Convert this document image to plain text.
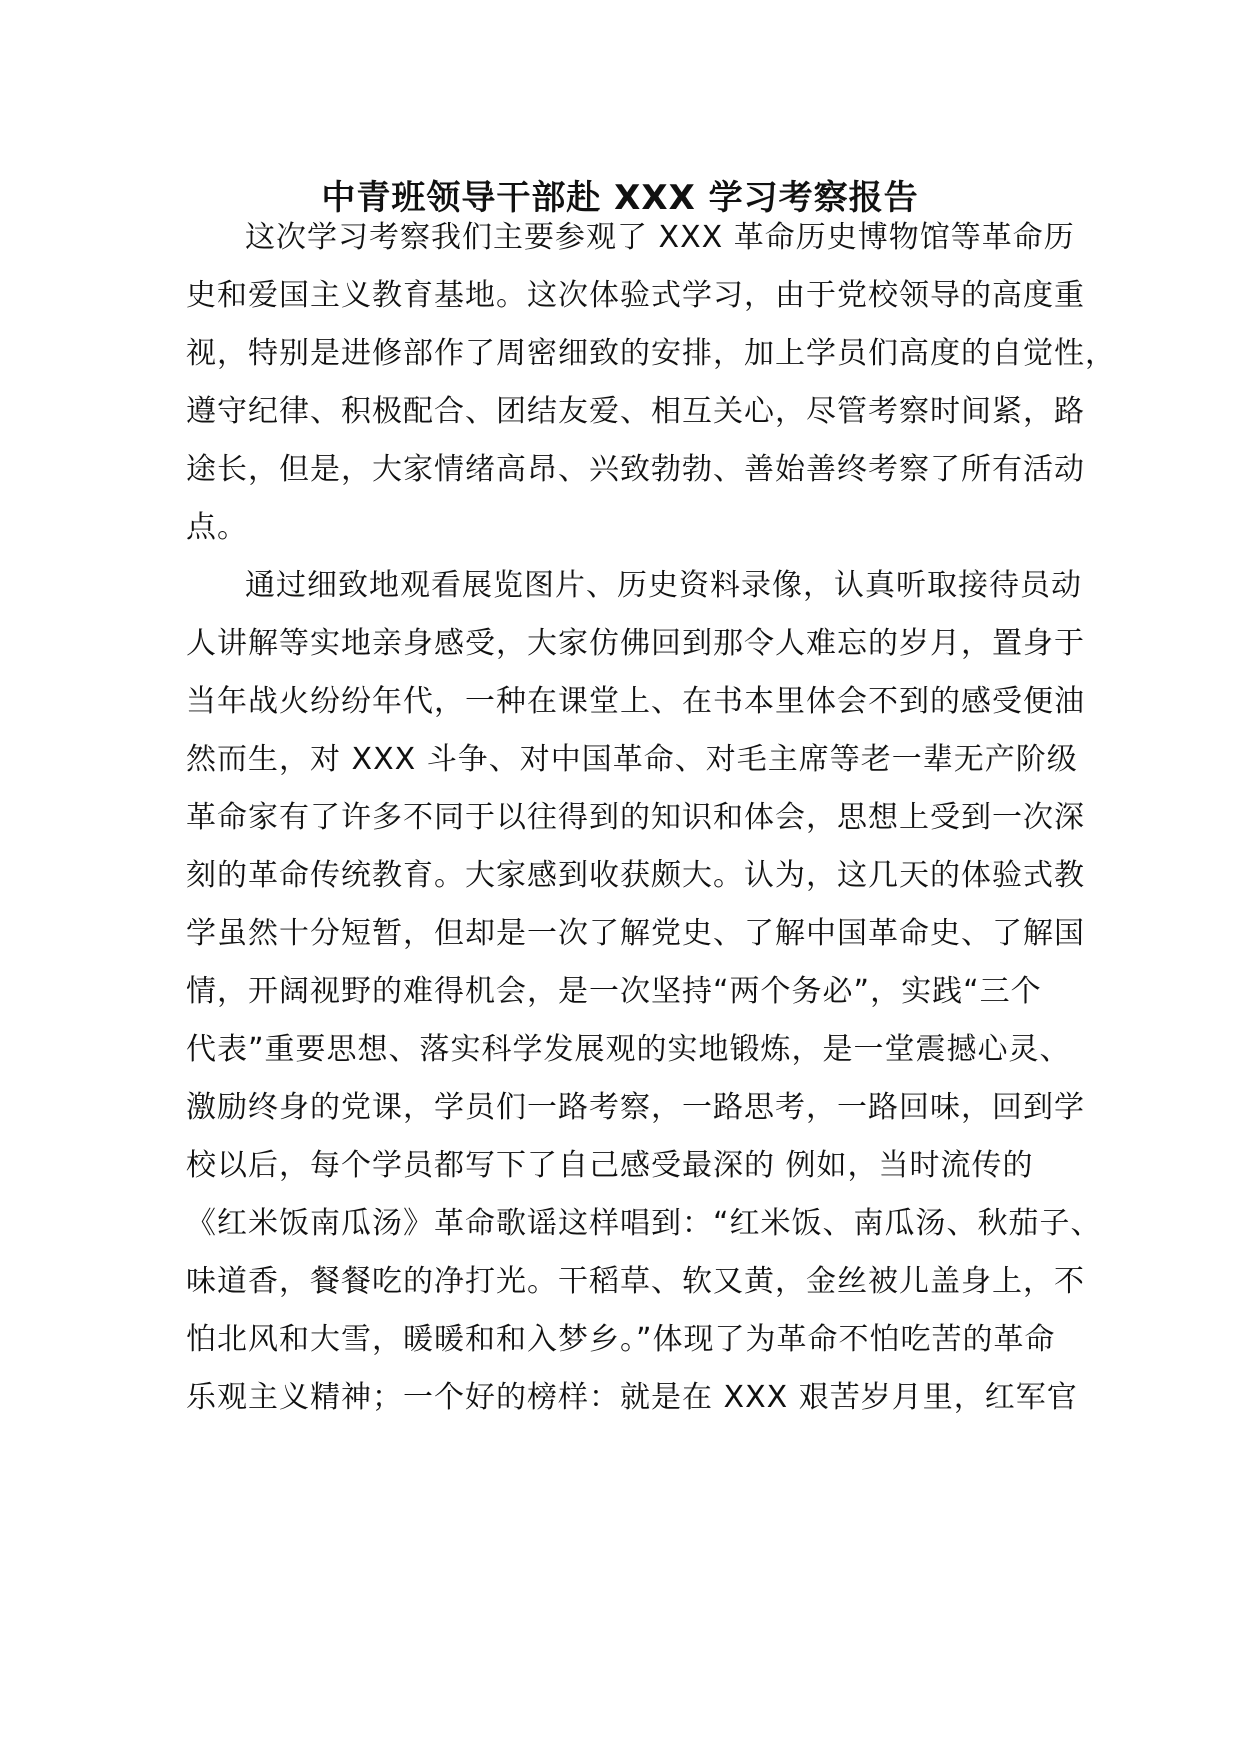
中青班领导干部赴 XXX 学习考察报告
这次学习考察我们主要参观了 XXX 革命历史博物馆等革命历
史和爱国主义教育基地。这次体验式学习，由于党校领导的高度重
视，特别是进修部作了周密细致的安排，加上学员们高度的自觉性，
遵守纪律、积极配合、团结友爱、相互关心，尽管考察时间紧，路
途长，但是，大家情绪高昂、兴致勃勃、善始善终考察了所有活动
点。
通过细致地观看展览图片、历史资料录像，认真听取接待员动
人讲解等实地亲身感受，大家仿佛回到那令人难忘的岁月，置身于
当年战火纷纷年代，一种在课堂上、在书本里体会不到的感受便油
然而生，对 XXX 斗争、对中国革命、对毛主席等老一辈无产阶级
革命家有了许多不同于以往得到的知识和体会，思想上受到一次深
刻的革命传统教育。大家感到收获颇大。认为，这几天的体验式教
学虽然十分短暂，但却是一次了解党史、了解中国革命史、了解国
情，开阔视野的难得机会，是一次坚持“两个务必”，实践“三个
代表”重要思想、落实科学发展观的实地锻炼，是一堂震撼心灵、
激励终身的党课，学员们一路考察，一路思考，一路回味，回到学
校以后，每个学员都写下了自己感受最深的 例如，当时流传的
《红米饭南瓜汤》革命歌谣这样唱到：“红米饭、南瓜汤、秋茄子、
味道香，餐餐吃的净打光。干稻草、软又黄，金丝被儿盖身上，不
怕北风和大雪，暖暖和和入梦乡。”体现了为革命不怕吃苦的革命
乐观主义精神；一个好的榜样：就是在 XXX 艰苦岁月里，红军官
